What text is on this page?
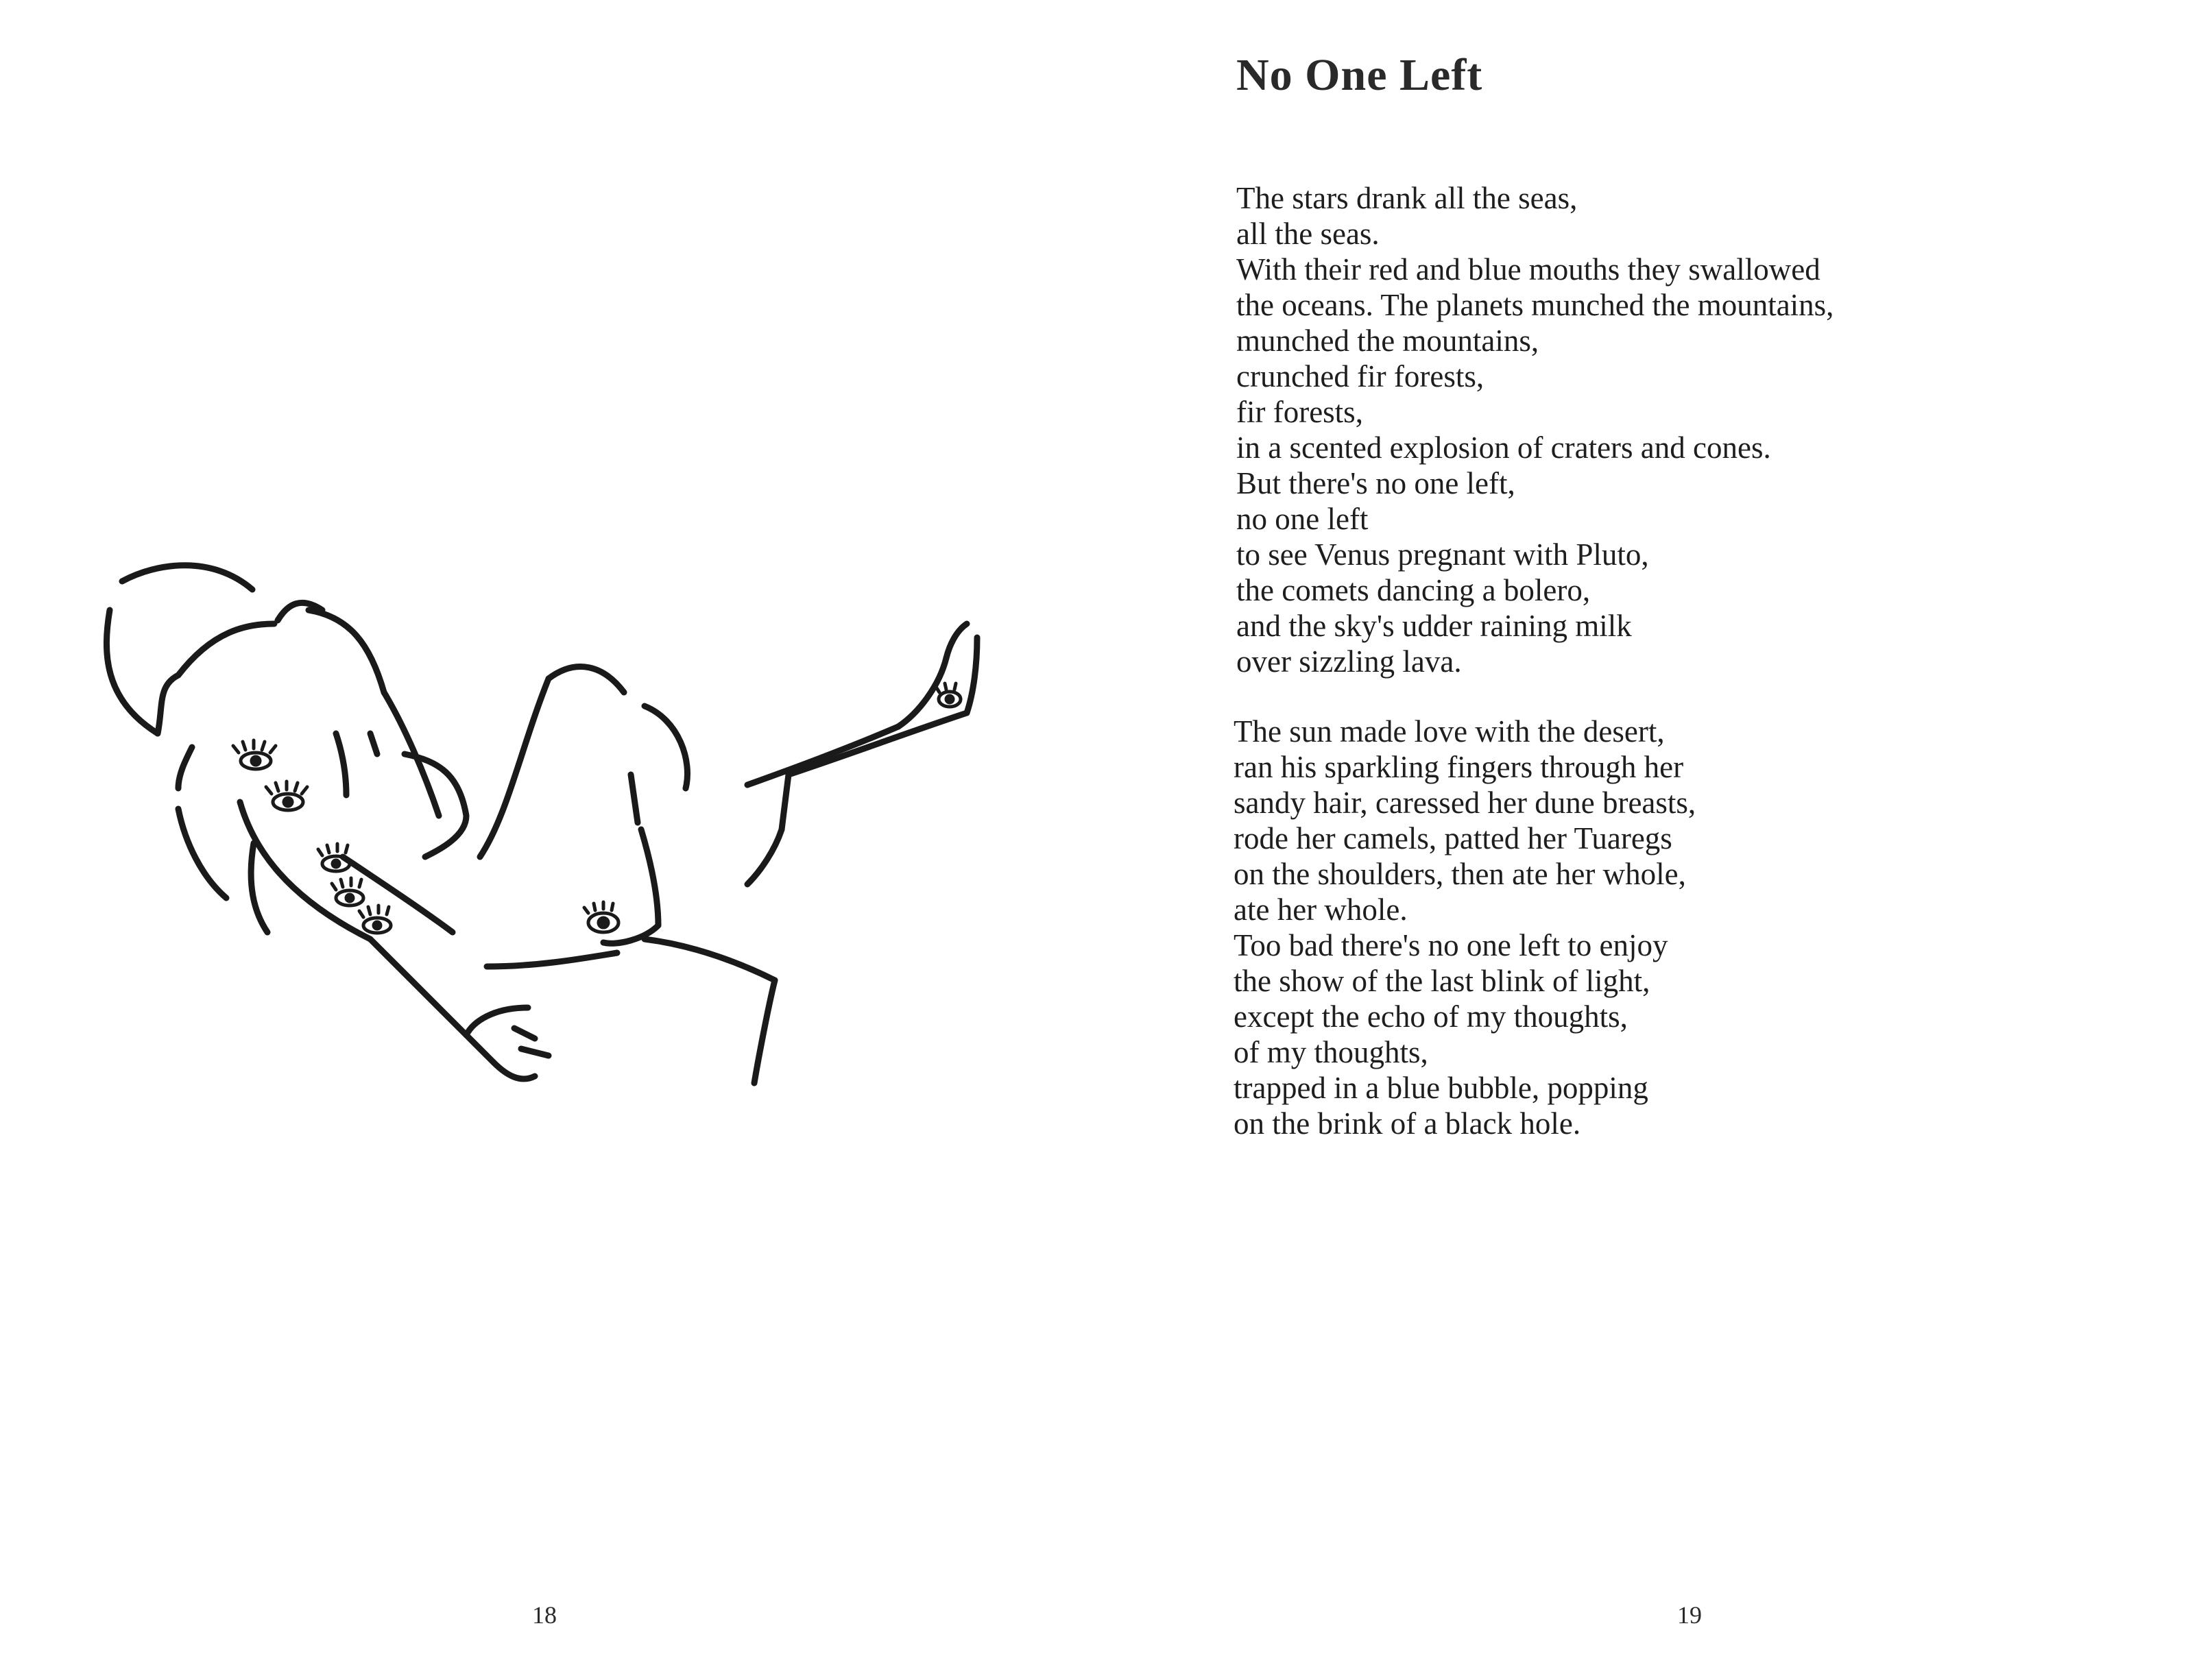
18
No One Left
The stars drank all the seas,
all the seas.
With their red and blue mouths they swallowed
the oceans. The planets munched the mountains,
munched the mountains,
crunched fir forests,
fir forests,
in a scented explosion of craters and cones.
But there's no one left,
no one left
to see Venus pregnant with Pluto,
the comets dancing a bolero,
and the sky's udder raining milk
over sizzling lava.
The sun made love with the desert,
ran his sparkling fingers through her
sandy hair, caressed her dune breasts,
rode her camels, patted her Tuaregs
on the shoulders, then ate her whole,
ate her whole.
Too bad there's no one left to enjoy
the show of the last blink of light,
except the echo of my thoughts,
of my thoughts,
trapped in a blue bubble, popping
on the brink of a black hole.
19
